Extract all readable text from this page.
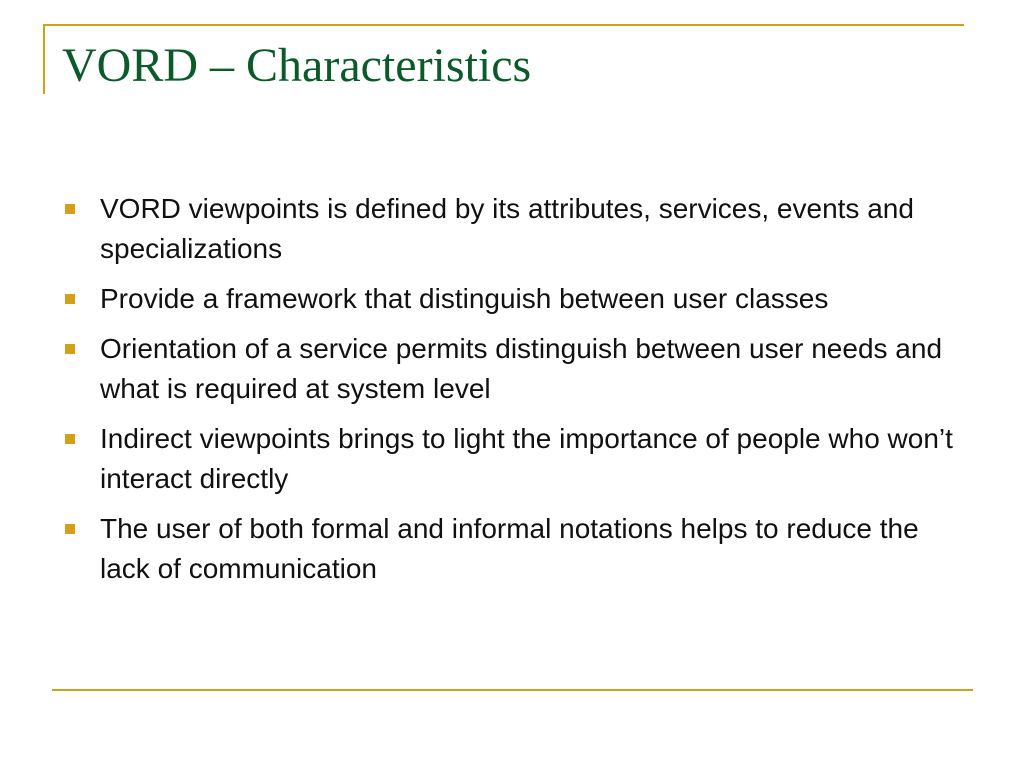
VORD – Characteristics
VORD viewpoints is defined by its attributes, services, events and specializations
Provide a framework that distinguish between user classes
Orientation of a service permits distinguish between user needs and what is required at system level
Indirect viewpoints brings to light the importance of people who won’t interact directly
The user of both formal and informal notations helps to reduce the lack of communication
